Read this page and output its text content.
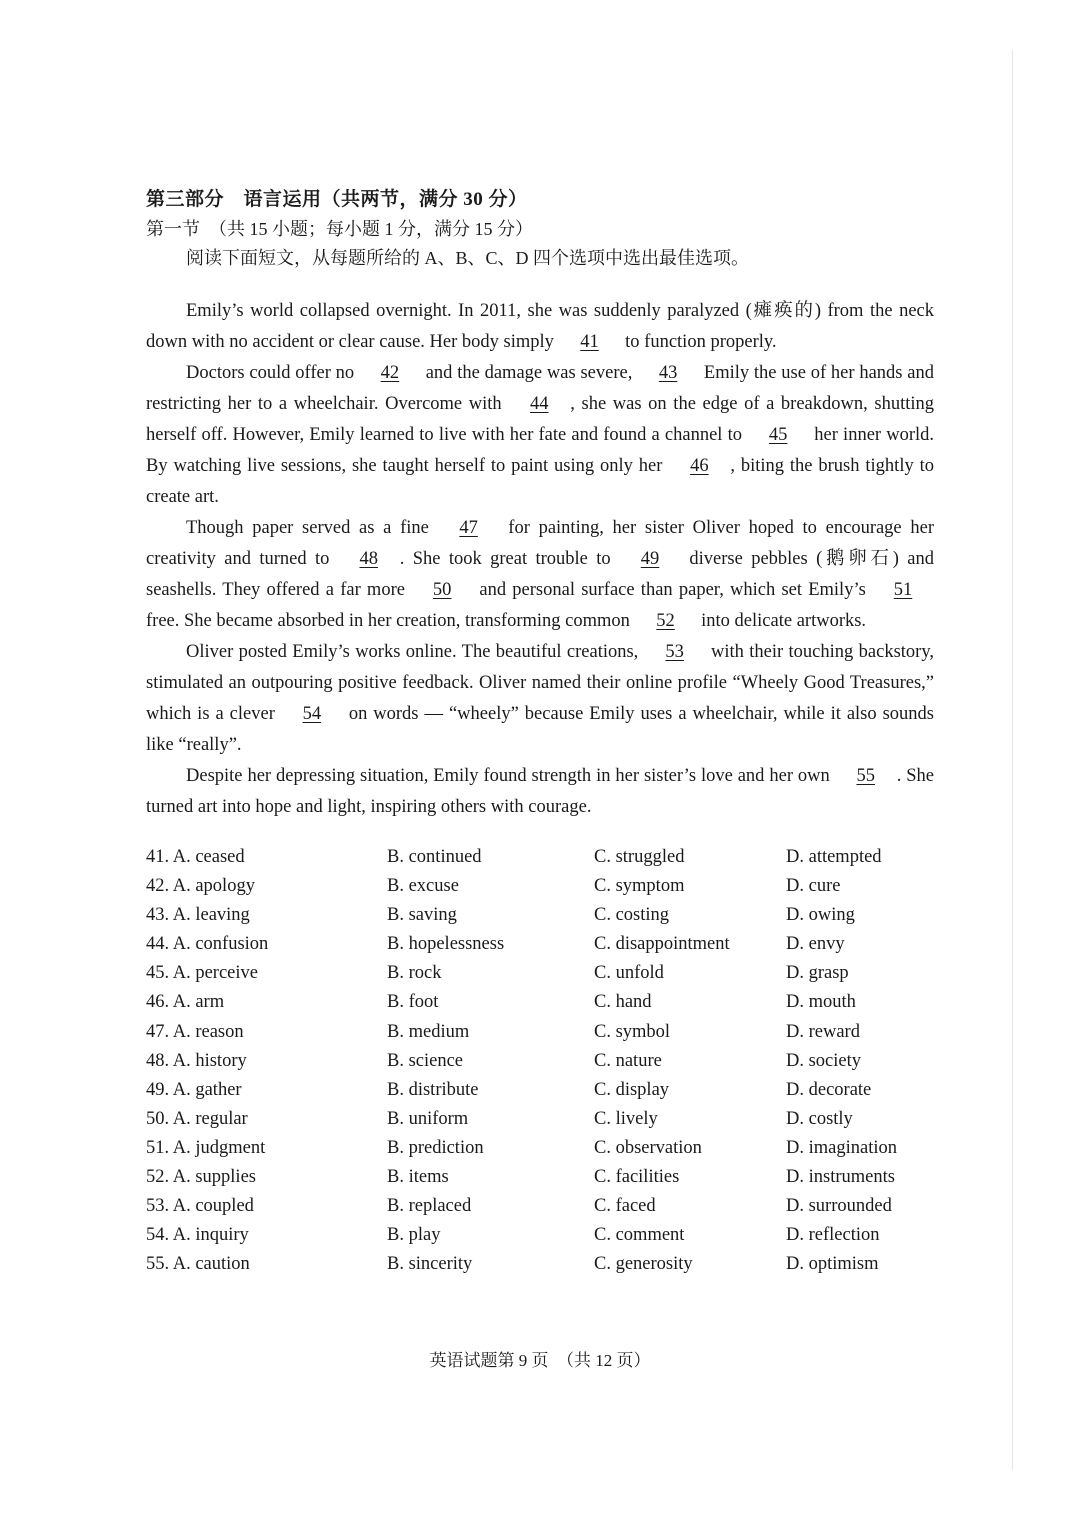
第三部分　语言运用（共两节，满分 30 分）
第一节　（共 15 小题；每小题 1 分，满分 15 分）
阅读下面短文，从每题所给的 A、B、C、D 四个选项中选出最佳选项。

Emily’s world collapsed overnight. In 2011, she was suddenly paralyzed (瘫痪的) from the neck down with no accident or clear cause. Her body simply 41 to function properly.

Doctors could offer no 42 and the damage was severe, 43 Emily the use of her hands and restricting her to a wheelchair. Overcome with 44 , she was on the edge of a breakdown, shutting herself off. However, Emily learned to live with her fate and found a channel to 45 her inner world. By watching live sessions, she taught herself to paint using only her 46 , biting the brush tightly to create art.

Though paper served as a fine 47 for painting, her sister Oliver hoped to encourage her creativity and turned to 48 . She took great trouble to 49 diverse pebbles (鹅卵石) and seashells. They offered a far more 50 and personal surface than paper, which set Emily’s 51 free. She became absorbed in her creation, transforming common 52 into delicate artworks.

Oliver posted Emily’s works online. The beautiful creations, 53 with their touching backstory, stimulated an outpouring positive feedback. Oliver named their online profile “Wheely Good Treasures,” which is a clever 54 on words — “wheely” because Emily uses a wheelchair, while it also sounds like “really”.

Despite her depressing situation, Emily found strength in her sister’s love and her own 55 . She turned art into hope and light, inspiring others with courage.

41. A. ceased	B. continued	C. struggled	D. attempted
42. A. apology	B. excuse	C. symptom	D. cure
43. A. leaving	B. saving	C. costing	D. owing
44. A. confusion	B. hopelessness	C. disappointment	D. envy
45. A. perceive	B. rock	C. unfold	D. grasp
46. A. arm	B. foot	C. hand	D. mouth
47. A. reason	B. medium	C. symbol	D. reward
48. A. history	B. science	C. nature	D. society
49. A. gather	B. distribute	C. display	D. decorate
50. A. regular	B. uniform	C. lively	D. costly
51. A. judgment	B. prediction	C. observation	D. imagination
52. A. supplies	B. items	C. facilities	D. instruments
53. A. coupled	B. replaced	C. faced	D. surrounded
54. A. inquiry	B. play	C. comment	D. reflection
55. A. caution	B. sincerity	C. generosity	D. optimism
英语试题第 9 页　（共 12 页）
